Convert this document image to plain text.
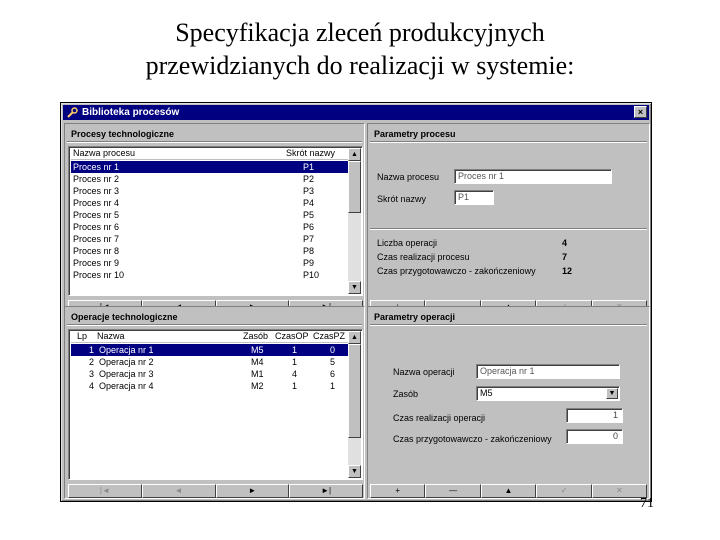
Specyfikacja zleceń produkcyjnych
przewidzianych do realizacji w systemie:
Biblioteka procesów	×
Procesy technologiczne
Nazwa procesu	Skrót nazwy
Proces nr 1	P1
Proces nr 2	P2
Proces nr 3	P3
Proces nr 4	P4
Proces nr 5	P5
Proces nr 6	P6
Proces nr 7	P7
Proces nr 8	P8
Proces nr 9	P9
Proces nr 10	P10
▲
▼
Parametry procesu
Nazwa procesu	Proces nr 1
Skrót nazwy	P1
Liczba operacji	4
Czas realizacji procesu	7
Czas przygotowawczo - zakończeniowy	12
Operacje technologiczne
Lp Nazwa	Zasób CzasOP CzasPZ
1 Operacja nr 1	M5	1	0
2 Operacja nr 2	M4	1	5
3 Operacja nr 3	M1	4	6
4 Operacja nr 4	M2	1	1
▲
▼
|◄	◄	►	►|
Parametry operacji
Nazwa operacji	Operacja nr 1
Zasób	M5	▼
Czas realizacji operacji	1
Czas przygotowawczo - zakończeniowy	0
+	—	▲	✓	✕
71
